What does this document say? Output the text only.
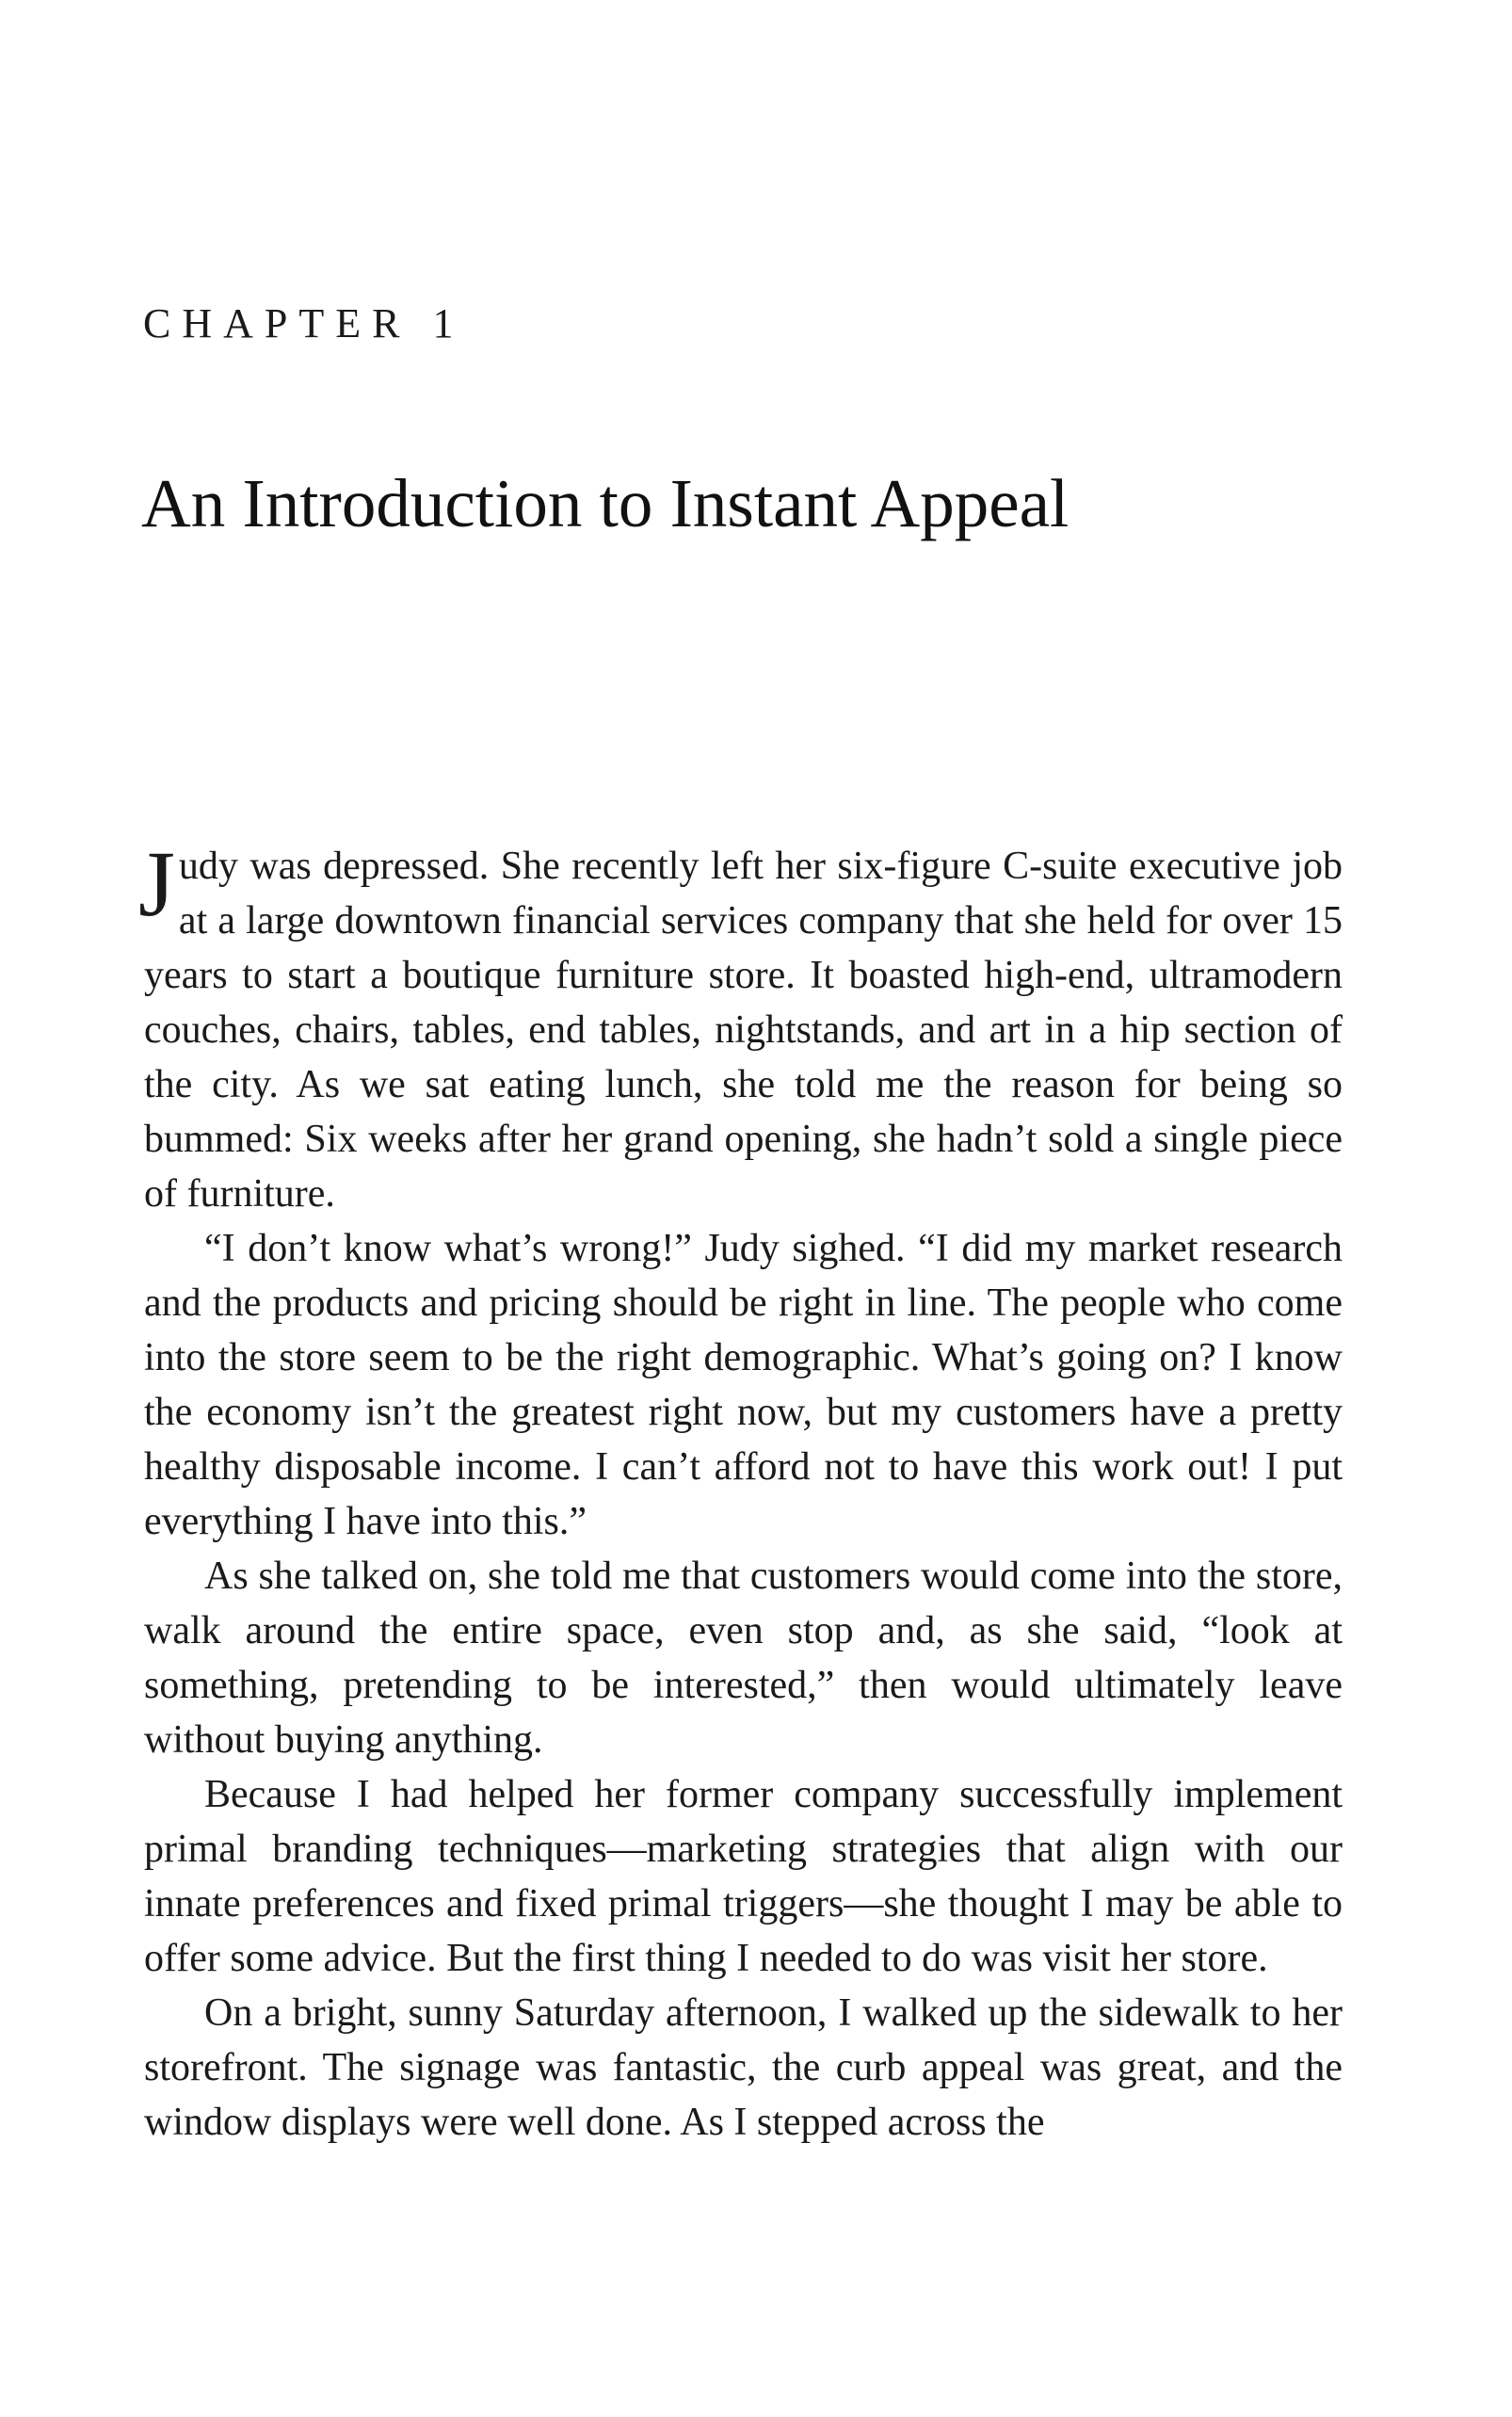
CHAPTER 1
An Introduction to Instant Appeal

Judy was depressed. She recently left her six-figure C-suite executive job at a large downtown financial services company that she held for over 15 years to start a boutique furniture store. It boasted high-end, ultramodern couches, chairs, tables, end tables, nightstands, and art in a hip section of the city. As we sat eating lunch, she told me the reason for being so bummed: Six weeks after her grand opening, she hadn’t sold a single piece of furniture.

“I don’t know what’s wrong!” Judy sighed. “I did my market research and the products and pricing should be right in line. The people who come into the store seem to be the right demographic. What’s going on? I know the economy isn’t the greatest right now, but my customers have a pretty healthy disposable income. I can’t afford not to have this work out! I put everything I have into this.”

As she talked on, she told me that customers would come into the store, walk around the entire space, even stop and, as she said, “look at something, pretending to be interested,” then would ultimately leave without buying anything.

Because I had helped her former company successfully implement primal branding techniques—marketing strategies that align with our innate preferences and fixed primal triggers—she thought I may be able to offer some advice. But the first thing I needed to do was visit her store.

On a bright, sunny Saturday afternoon, I walked up the sidewalk to her storefront. The signage was fantastic, the curb appeal was great, and the window displays were well done. As I stepped across the
